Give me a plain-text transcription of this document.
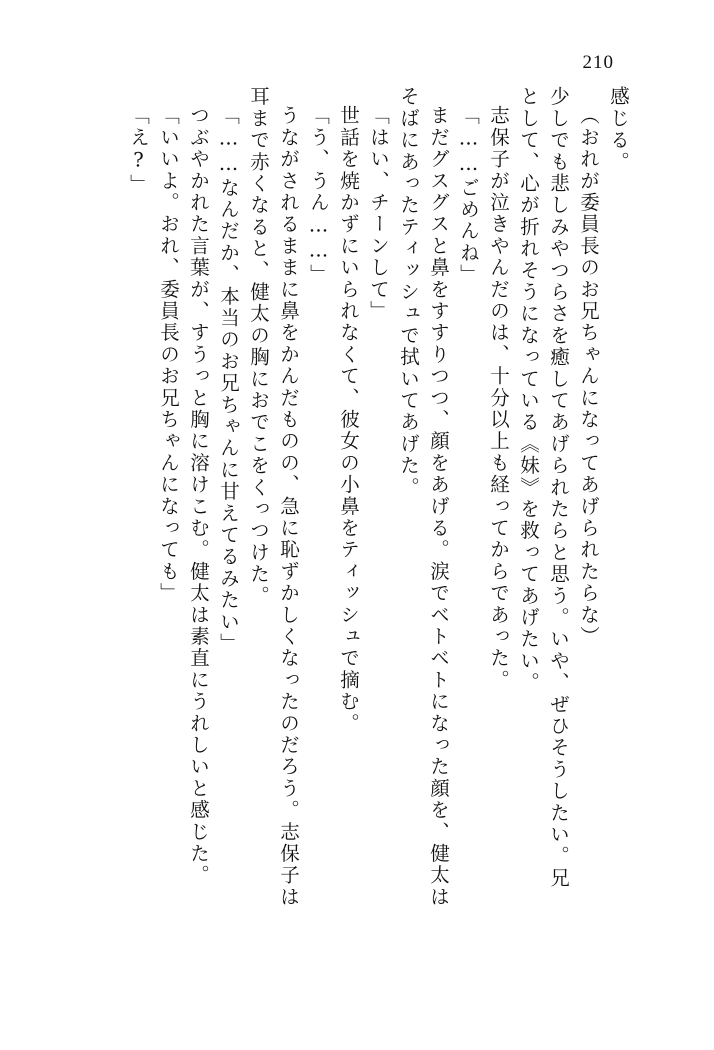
210
感じる。
（おれが委員長のお兄ちゃんになってあげられたらな）
少しでも悲しみやつらさを癒してあげられたらと思う。いや、ぜひそうしたい。兄
として、心が折れそうになっている《妹》を救ってあげたい。
志保子が泣きやんだのは、十分以上も経ってからであった。
「……ごめんね」
まだグスグスと鼻をすすりつつ、顔をあげる。涙でベトベトになった顔を、健太は
そばにあったティッシュで拭いてあげた。
「はい、チーンして」
世話を焼かずにいられなくて、彼女の小鼻をティッシュで摘む。
「う、うん……」
うながされるままに鼻をかんだものの、急に恥ずかしくなったのだろう。志保子は
耳まで赤くなると、健太の胸におでこをくっつけた。
「……なんだか、本当のお兄ちゃんに甘えてるみたい」
つぶやかれた言葉が、すうっと胸に溶けこむ。健太は素直にうれしいと感じた。
「いいよ。おれ、委員長のお兄ちゃんになっても」
「え?」
